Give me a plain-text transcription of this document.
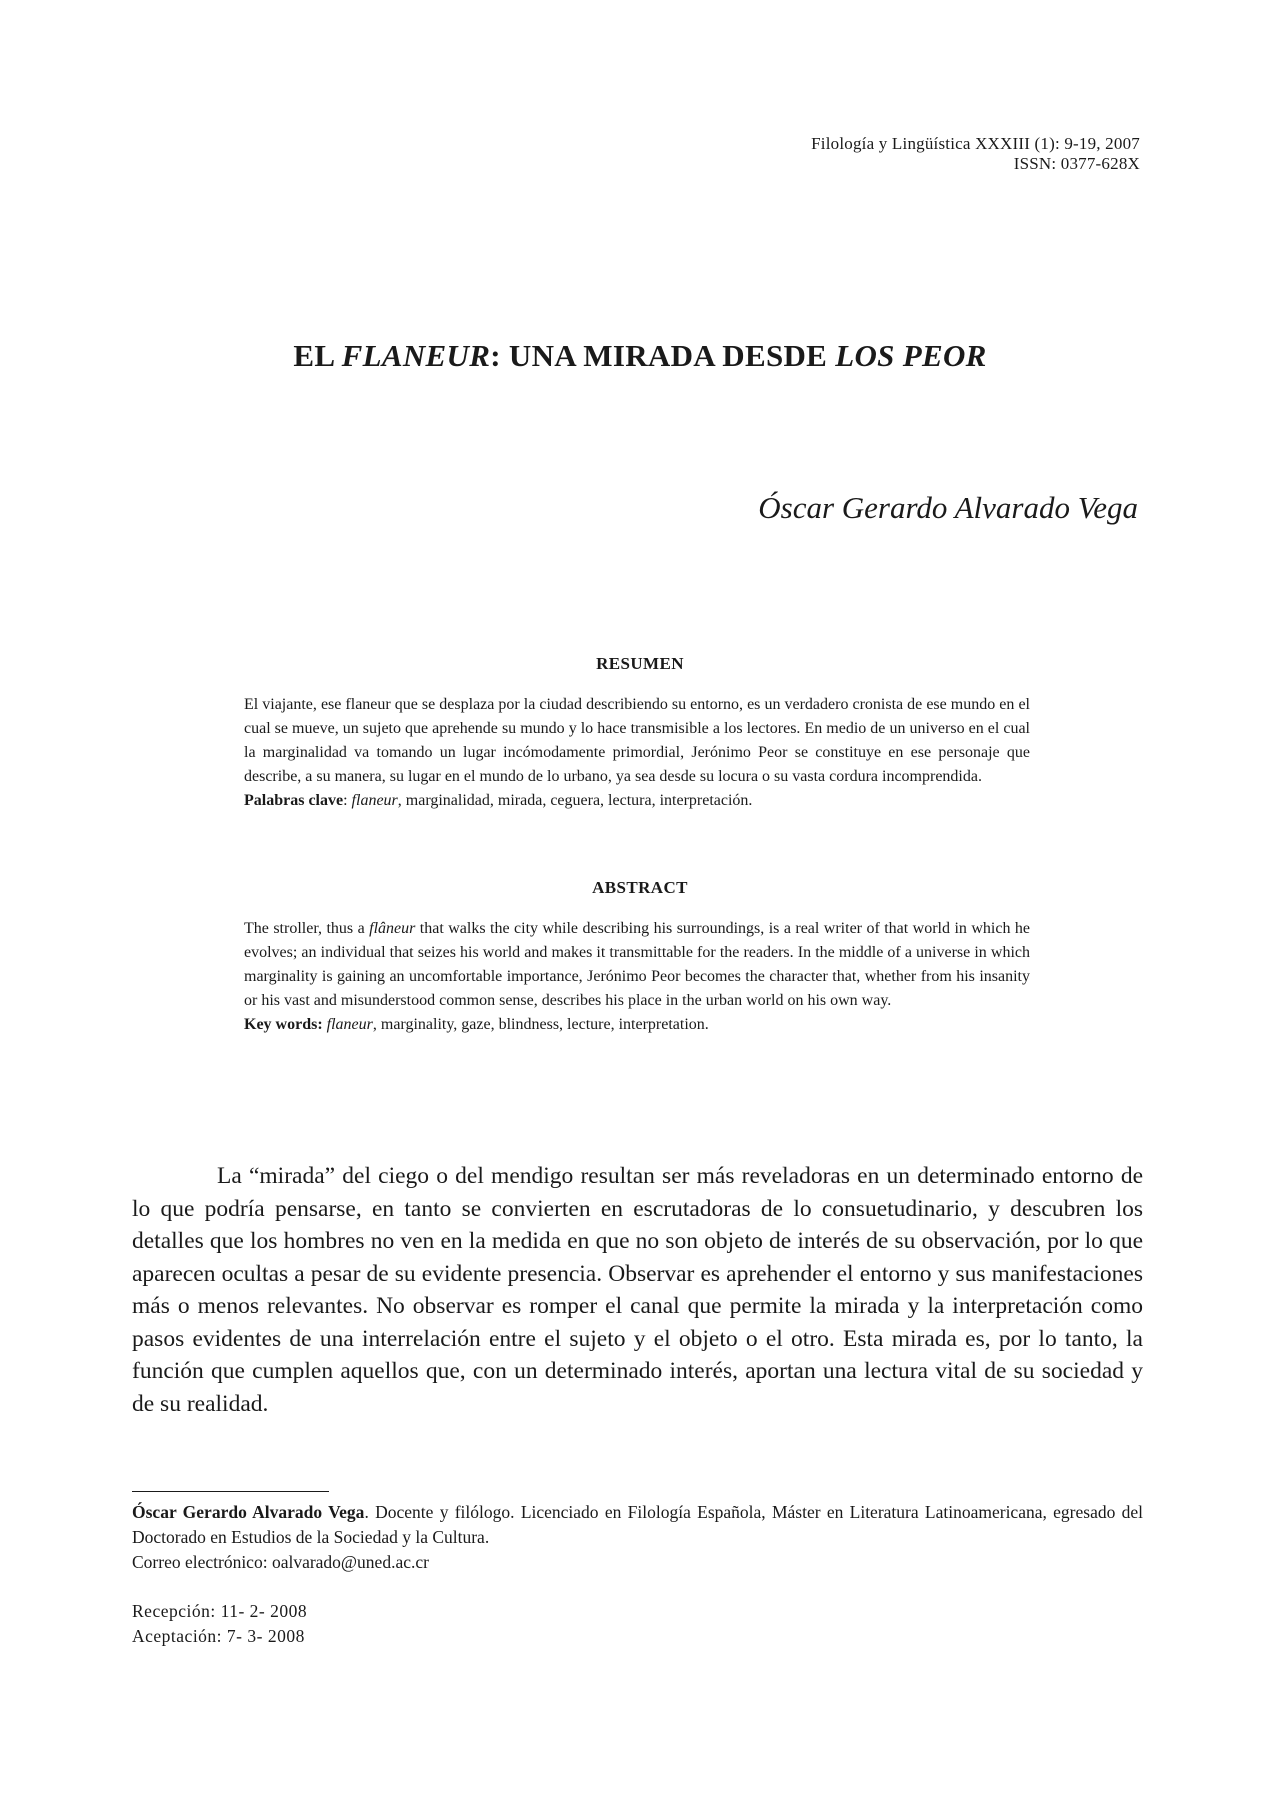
Filología y Lingüística XXXIII (1): 9-19, 2007
ISSN: 0377-628X
EL FLANEUR: UNA MIRADA DESDE LOS PEOR

Óscar Gerardo Alvarado Vega

RESUMEN

El viajante, ese flaneur que se desplaza por la ciudad describiendo su entorno, es un verdadero cronista de ese mundo en el cual se mueve, un sujeto que aprehende su mundo y lo hace transmisible a los lectores. En medio de un universo en el cual la marginalidad va tomando un lugar incómodamente primordial, Jerónimo Peor se constituye en ese personaje que describe, a su manera, su lugar en el mundo de lo urbano, ya sea desde su locura o su vasta cordura incomprendida.

Palabras clave: flaneur, marginalidad, mirada, ceguera, lectura, interpretación.

ABSTRACT

The stroller, thus a flâneur that walks the city while describing his surroundings, is a real writer of that world in which he evolves; an individual that seizes his world and makes it transmittable for the readers. In the middle of a universe in which marginality is gaining an uncomfortable importance, Jerónimo Peor becomes the character that, whether from his insanity or his vast and misunderstood common sense, describes his place in the urban world on his own way.

Key words: flaneur, marginality, gaze, blindness, lecture, interpretation.

La “mirada” del ciego o del mendigo resultan ser más reveladoras en un determinado entorno de lo que podría pensarse, en tanto se convierten en escrutadoras de lo consuetudinario, y descubren los detalles que los hombres no ven en la medida en que no son objeto de interés de su observación, por lo que aparecen ocultas a pesar de su evidente presencia. Observar es aprehender el entorno y sus manifestaciones más o menos relevantes. No observar es romper el canal que permite la mirada y la interpretación como pasos evidentes de una interrelación entre el sujeto y el objeto o el otro. Esta mirada es, por lo tanto, la función que cumplen aquellos que, con un determinado interés, aportan una lectura vital de su sociedad y de su realidad.

Óscar Gerardo Alvarado Vega. Docente y filólogo. Licenciado en Filología Española, Máster en Literatura Latinoamericana, egresado del Doctorado en Estudios de la Sociedad y la Cultura.

Correo electrónico: oalvarado@uned.ac.cr

Recepción: 11- 2- 2008

Aceptación: 7- 3- 2008
